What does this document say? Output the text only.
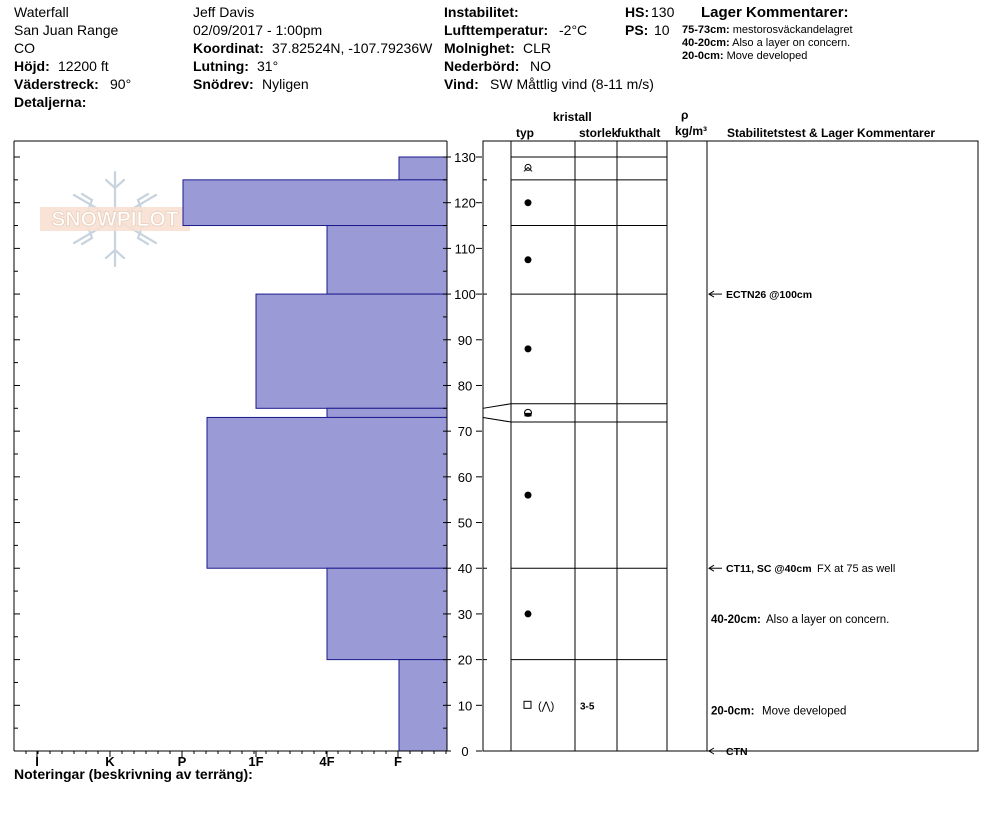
Waterfall
San Juan Range
CO
Höjd: 12200 ft
Väderstreck: 90°
Detaljerna:
Jeff Davis
02/09/2017 - 1:00pm
Koordinat: 37.82524N, -107.79236W
Lutning: 31°
Snödrev: Nyligen
Instabilitet:
Lufttemperatur: -2°C
Molnighet: CLR
Nederbörd: NO
Vind: SW Måttlig vind (8-11 m/s)
HS: 130
PS: 10
Lager Kommentarer:
75-73cm: mestorosväckandelagret
40-20cm: Also a layer on concern.
20-0cm: Move developed
kristall
typ	storlek
fukthalt
ρ
kg/m³ Stabilitetstest & Lager Kommentarer
SNOWPILOT
I	K	P	1F	4F	F
0
10
20
30
40
50
60
70
80
90
100
110
120
130
(⋀)	3-5
ECTN26 @100cm
CT11, SC @40cm FX at 75 as well
CTN
40-20cm: Also a layer on concern.
20-0cm: Move developed
Noteringar (beskrivning av terräng):
